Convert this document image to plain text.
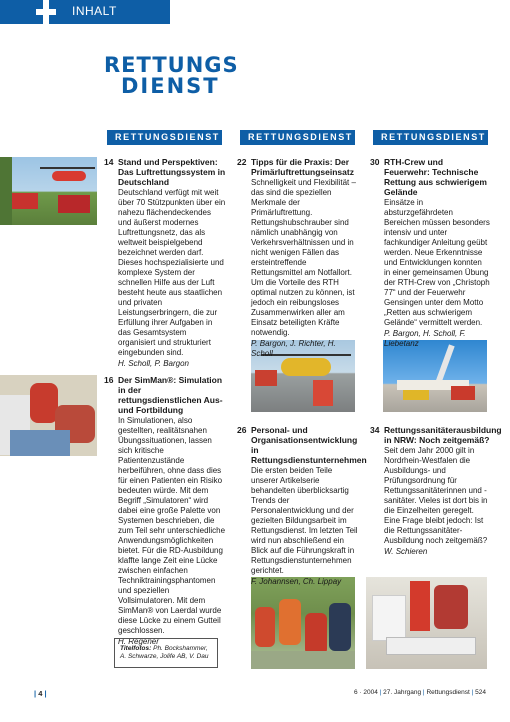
INHALT
RETTUNGS
DIENST
RETTUNGSDIENST	RETTUNGSDIENST	RETTUNGSDIENST
14 Stand und Perspektiven: Das Luftrettungssystem in Deutschland
Deutschland verfügt mit weit über 70 Stützpunkten über ein nahezu flächendeckendes und äußerst modernes Luftrettungsnetz, das als weltweit beispielgebend bezeichnet werden darf. Dieses hochspezialisierte und komplexe System der schnellen Hilfe aus der Luft besteht heute aus staatlichen und privaten Leistungserbringern, die zur Erfüllung ihrer Aufgaben in das Gesamtsystem organisiert und strukturiert eingebunden sind.
H. Scholl, P. Bargon
16 Der SimMan®: Simulation in der rettungsdienstlichen Aus- und Fortbildung
In Simulationen, also gestellten, realitätsnahen Übungssituationen, lassen sich kritische Patientenzustände herbeiführen, ohne dass dies für einen Patienten ein Risiko bedeuten würde. Mit dem Begriff „Simulatoren“ wird dabei eine große Palette von Systemen beschrieben, die zum Teil sehr unterschiedliche Anwendungsmöglichkeiten bietet. Für die RD-Ausbildung klaffte lange Zeit eine Lücke zwischen einfachen Techniktrainingsphantomen und speziellen Vollsimulatoren. Mit dem SimMan® von Laerdal wurde diese Lücke zu einem Gutteil geschlossen.
H. Regener
Titelfotos: Ph. Bockshammer, A. Schwarze, Jolife AB, V. Dau
22 Tipps für die Praxis: Der Primärluftrettungseinsatz
Schnelligkeit und Flexibilität – das sind die speziellen Merkmale der Primärluftrettung. Rettungshubschrauber sind nämlich unabhängig von Verkehrsverhältnissen und in nicht wenigen Fällen das ersteintreffende Rettungsmittel am Notfallort. Um die Vorteile des RTH optimal nutzen zu können, ist jedoch ein reibungsloses Zusammenwirken aller am Einsatz beteiligten Kräfte notwendig.
P. Bargon, J. Richter, H. Scholl
26 Personal- und Organisationsentwicklung in Rettungsdienstunternehmen
Die ersten beiden Teile unserer Artikelserie behandelten überblicksartig Trends der Personalentwicklung und der gezielten Bildungsarbeit im Rettungsdienst. Im letzten Teil wird nun abschließend ein Blick auf die Führungskraft in Rettungsdienstunternehmen gerichtet.
F. Johannsen, Ch. Lippay
30 RTH-Crew und Feuerwehr: Technische Rettung aus schwierigem Gelände
Einsätze in absturzgefährdeten Bereichen müssen besonders intensiv und unter fachkundiger Anleitung geübt werden. Neue Erkenntnisse und Entwicklungen konnten in einer gemeinsamen Übung der RTH-Crew von „Christoph 77“ und der Feuerwehr Gensingen unter dem Motto „Retten aus schwierigem Gelände“ vermittelt werden.
P. Bargon, H. Scholl, F. Liebetanz
34 Rettungssanitäterausbildung in NRW: Noch zeitgemäß?
Seit dem Jahr 2000 gilt in Nordrhein-Westfalen die Ausbildungs- und Prüfungsordnung für Rettungssanitäterinnen und -sanitäter. Vieles ist dort bis in die Einzelheiten geregelt. Eine Frage bleibt jedoch: Ist die Rettungssanitäter-Ausbildung noch zeitgemäß?
W. Schieren
| 4 |	6 · 2004 | 27. Jahrgang | Rettungsdienst | 524
